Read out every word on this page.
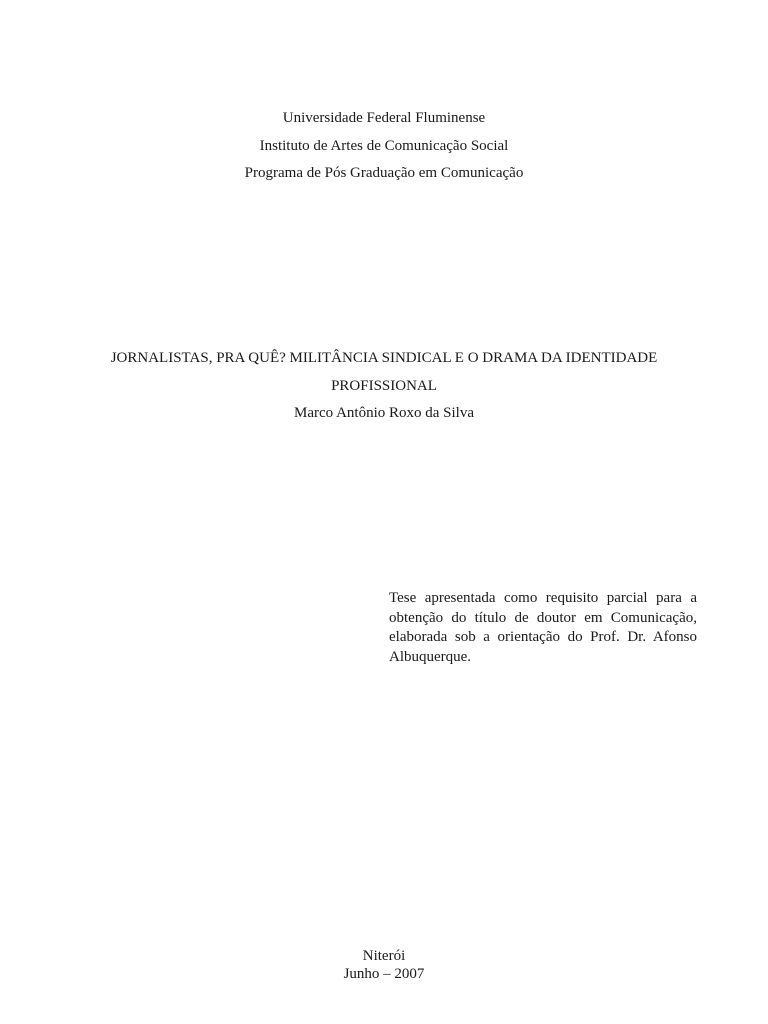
Universidade Federal Fluminense
Instituto de Artes de Comunicação Social
Programa de Pós Graduação em Comunicação
JORNALISTAS, PRA QUÊ? MILITÂNCIA SINDICAL E O DRAMA DA IDENTIDADE
PROFISSIONAL
Marco Antônio Roxo da Silva
Tese apresentada como requisito parcial para a
obtenção do título de doutor em Comunicação,
elaborada sob a orientação do Prof. Dr. Afonso
Albuquerque.
Niterói
Junho – 2007
